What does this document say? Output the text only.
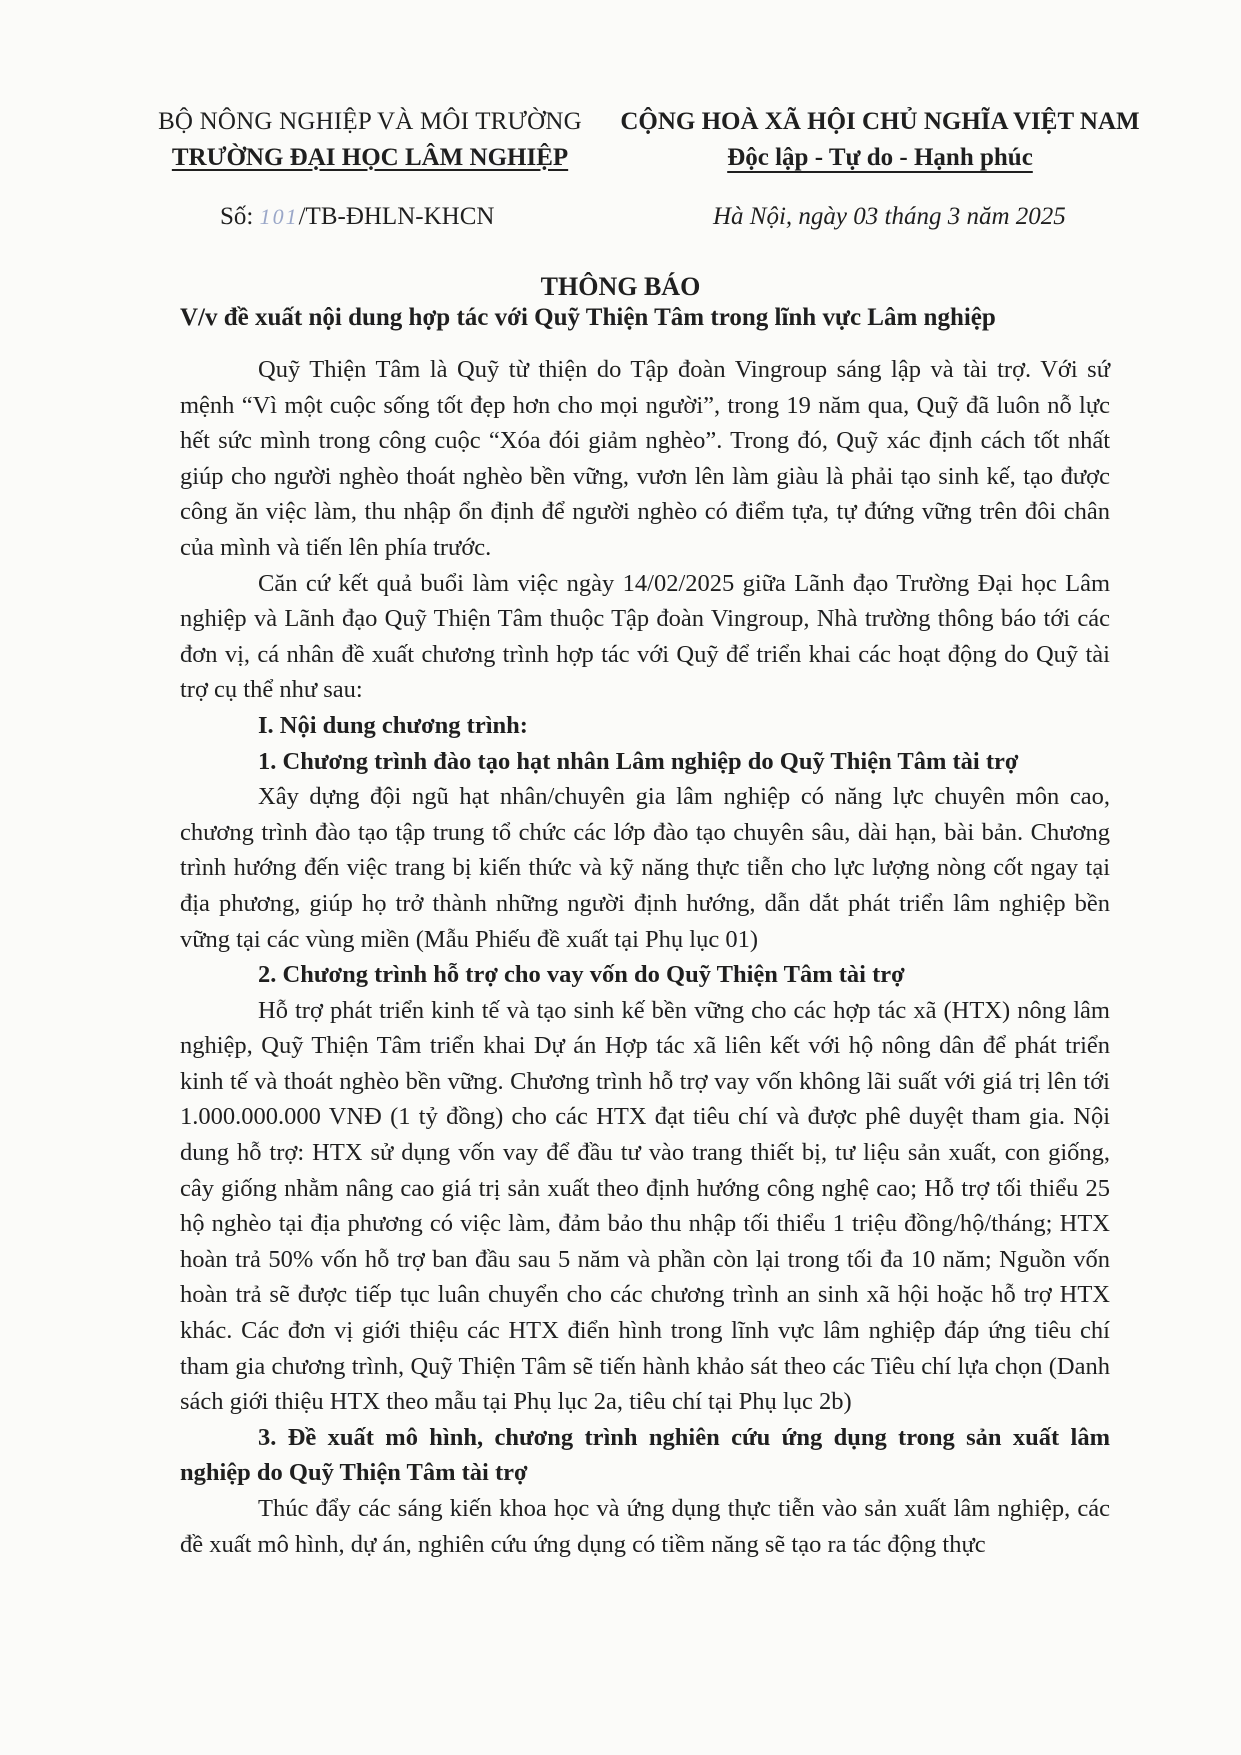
BỘ NÔNG NGHIỆP VÀ MÔI TRƯỜNG
TRƯỜNG ĐẠI HỌC LÂM NGHIỆP
CỘNG HOÀ XÃ HỘI CHỦ NGHĨA VIỆT NAM
Độc lập - Tự do - Hạnh phúc
Số: 101/TB-ĐHLN-KHCN	Hà Nội, ngày 03 tháng 3 năm 2025
THÔNG BÁO
V/v đề xuất nội dung hợp tác với Quỹ Thiện Tâm trong lĩnh vực Lâm nghiệp

Quỹ Thiện Tâm là Quỹ từ thiện do Tập đoàn Vingroup sáng lập và tài trợ. Với sứ mệnh “Vì một cuộc sống tốt đẹp hơn cho mọi người”, trong 19 năm qua, Quỹ đã luôn nỗ lực hết sức mình trong công cuộc “Xóa đói giảm nghèo”. Trong đó, Quỹ xác định cách tốt nhất giúp cho người nghèo thoát nghèo bền vững, vươn lên làm giàu là phải tạo sinh kế, tạo được công ăn việc làm, thu nhập ổn định để người nghèo có điểm tựa, tự đứng vững trên đôi chân của mình và tiến lên phía trước.

Căn cứ kết quả buổi làm việc ngày 14/02/2025 giữa Lãnh đạo Trường Đại học Lâm nghiệp và Lãnh đạo Quỹ Thiện Tâm thuộc Tập đoàn Vingroup, Nhà trường thông báo tới các đơn vị, cá nhân đề xuất chương trình hợp tác với Quỹ để triển khai các hoạt động do Quỹ tài trợ cụ thể như sau:

I. Nội dung chương trình:

1. Chương trình đào tạo hạt nhân Lâm nghiệp do Quỹ Thiện Tâm tài trợ

Xây dựng đội ngũ hạt nhân/chuyên gia lâm nghiệp có năng lực chuyên môn cao, chương trình đào tạo tập trung tổ chức các lớp đào tạo chuyên sâu, dài hạn, bài bản. Chương trình hướng đến việc trang bị kiến thức và kỹ năng thực tiễn cho lực lượng nòng cốt ngay tại địa phương, giúp họ trở thành những người định hướng, dẫn dắt phát triển lâm nghiệp bền vững tại các vùng miền (Mẫu Phiếu đề xuất tại Phụ lục 01)

2. Chương trình hỗ trợ cho vay vốn do Quỹ Thiện Tâm tài trợ

Hỗ trợ phát triển kinh tế và tạo sinh kế bền vững cho các hợp tác xã (HTX) nông lâm nghiệp, Quỹ Thiện Tâm triển khai Dự án Hợp tác xã liên kết với hộ nông dân để phát triển kinh tế và thoát nghèo bền vững. Chương trình hỗ trợ vay vốn không lãi suất với giá trị lên tới 1.000.000.000 VNĐ (1 tỷ đồng) cho các HTX đạt tiêu chí và được phê duyệt tham gia. Nội dung hỗ trợ: HTX sử dụng vốn vay để đầu tư vào trang thiết bị, tư liệu sản xuất, con giống, cây giống nhằm nâng cao giá trị sản xuất theo định hướng công nghệ cao; Hỗ trợ tối thiểu 25 hộ nghèo tại địa phương có việc làm, đảm bảo thu nhập tối thiểu 1 triệu đồng/hộ/tháng; HTX hoàn trả 50% vốn hỗ trợ ban đầu sau 5 năm và phần còn lại trong tối đa 10 năm; Nguồn vốn hoàn trả sẽ được tiếp tục luân chuyển cho các chương trình an sinh xã hội hoặc hỗ trợ HTX khác. Các đơn vị giới thiệu các HTX điển hình trong lĩnh vực lâm nghiệp đáp ứng tiêu chí tham gia chương trình, Quỹ Thiện Tâm sẽ tiến hành khảo sát theo các Tiêu chí lựa chọn (Danh sách giới thiệu HTX theo mẫu tại Phụ lục 2a, tiêu chí tại Phụ lục 2b)

3. Đề xuất mô hình, chương trình nghiên cứu ứng dụng trong sản xuất lâm nghiệp do Quỹ Thiện Tâm tài trợ

Thúc đẩy các sáng kiến khoa học và ứng dụng thực tiễn vào sản xuất lâm nghiệp, các đề xuất mô hình, dự án, nghiên cứu ứng dụng có tiềm năng sẽ tạo ra tác động thực
